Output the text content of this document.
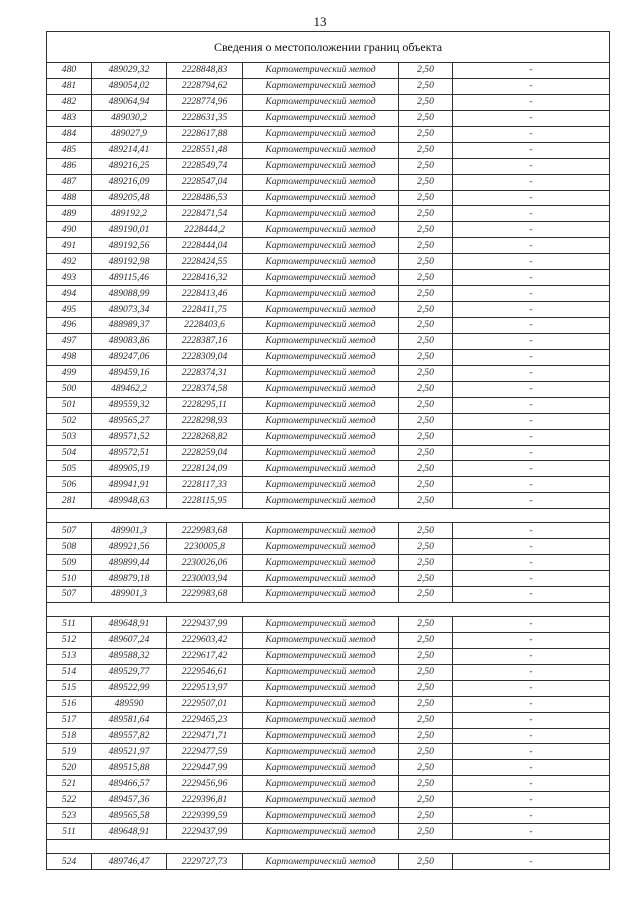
13
Сведения о местоположении границ объекта					
480	489029,32	2228848,83	Картометрический метод	2,50	-
481	489054,02	2228794,62	Картометрический метод	2,50	-
482	489064,94	2228774,96	Картометрический метод	2,50	-
483	489030,2	2228631,35	Картометрический метод	2,50	-
484	489027,9	2228617,88	Картометрический метод	2,50	-
485	489214,41	2228551,48	Картометрический метод	2,50	-
486	489216,25	2228549,74	Картометрический метод	2,50	-
487	489216,09	2228547,04	Картометрический метод	2,50	-
488	489205,48	2228486,53	Картометрический метод	2,50	-
489	489192,2	2228471,54	Картометрический метод	2,50	-
490	489190,01	2228444,2	Картометрический метод	2,50	-
491	489192,56	2228444,04	Картометрический метод	2,50	-
492	489192,98	2228424,55	Картометрический метод	2,50	-
493	489115,46	2228416,32	Картометрический метод	2,50	-
494	489088,99	2228413,46	Картометрический метод	2,50	-
495	489073,34	2228411,75	Картометрический метод	2,50	-
496	488989,37	2228403,6	Картометрический метод	2,50	-
497	489083,86	2228387,16	Картометрический метод	2,50	-
498	489247,06	2228309,04	Картометрический метод	2,50	-
499	489459,16	2228374,31	Картометрический метод	2,50	-
500	489462,2	2228374,58	Картометрический метод	2,50	-
501	489559,32	2228295,11	Картометрический метод	2,50	-
502	489565,27	2228298,93	Картометрический метод	2,50	-
503	489571,52	2228268,82	Картометрический метод	2,50	-
504	489572,51	2228259,04	Картометрический метод	2,50	-
505	489905,19	2228124,09	Картометрический метод	2,50	-
506	489941,91	2228117,33	Картометрический метод	2,50	-
281	489948,63	2228115,95	Картометрический метод	2,50	-

507	489901,3	2229983,68	Картометрический метод	2,50	-
508	489921,56	2230005,8	Картометрический метод	2,50	-
509	489899,44	2230026,06	Картометрический метод	2,50	-
510	489879,18	2230003,94	Картометрический метод	2,50	-
507	489901,3	2229983,68	Картометрический метод	2,50	-

511	489648,91	2229437,99	Картометрический метод	2,50	-
512	489607,24	2229603,42	Картометрический метод	2,50	-
513	489588,32	2229617,42	Картометрический метод	2,50	-
514	489529,77	2229546,61	Картометрический метод	2,50	-
515	489522,99	2229513,97	Картометрический метод	2,50	-
516	489590	2229507,01	Картометрический метод	2,50	-
517	489581,64	2229465,23	Картометрический метод	2,50	-
518	489557,82	2229471,71	Картометрический метод	2,50	-
519	489521,97	2229477,59	Картометрический метод	2,50	-
520	489515,88	2229447,99	Картометрический метод	2,50	-
521	489466,57	2229456,96	Картометрический метод	2,50	-
522	489457,36	2229396,81	Картометрический метод	2,50	-
523	489565,58	2229399,59	Картометрический метод	2,50	-
511	489648,91	2229437,99	Картометрический метод	2,50	-

524	489746,47	2229727,73	Картометрический метод	2,50	-
